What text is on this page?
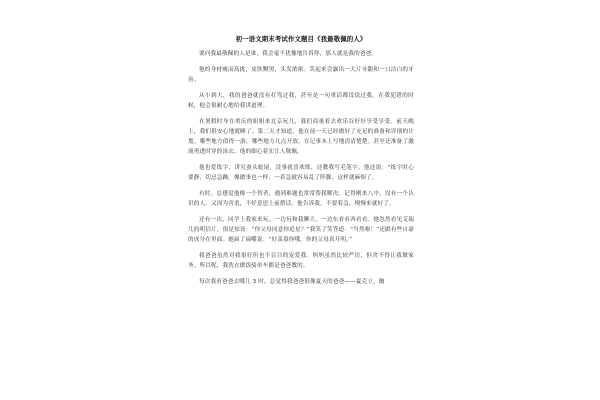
初一语文期末考试作文题目《我最敬佩的人》

要问我最敬佩的人是谁，我会毫不犹豫地告诉你，那人就是我的爸爸。

他的身材瘦而高挑，皮肤黝黑，头发浓密。笑起来会露出一大片牙龈和一口洁白的牙齿。

从小到大，我的爸爸就没有打骂过我，甚至是一句重话都没说过我。在我犯错的时候，他会很耐心地给我讲道理。

在暑假时身在重庆的姐姐来北京玩儿，我们商量着去欢乐谷好好享受享受。前天晚上，我们很安心地就睡了。第二天才知道，他在前一天已经做好了充足的准备和详细的计划。哪些地方值得一游，哪些地方几点开放，在记事本上写地清清楚楚。甚至还准备了激流勇进时穿的泳衣。他的细心着实让人敬佩。

他也爱练字，讲究蚕头蛇尾，没事就喜欢练，还教我写毛笔字。他还说：“练字时心要静，切忌急躁。像做事也一样，一着急就容易乱了阵脚，这样就麻烦了。

有时，总感觉他像一个智者，遇到难题也常常帮我解决。记得刚来八中，没有一个认识的人，又因为害羞，不好意思上前搭话。他告诉我，不要着急，慢慢来就好了。

还有一次，同学上我家来玩。一边玩和我聊天，一边东看看西看看。她忽然看见艾瑞儿的明信片，很是惊讶：“你父母同意你追星？”我笑了笑答道：“当然啦！”还跟有些自豪的成分在里面。她扁了扁嘴说：“好羡慕你哦，你的父母真开明。”

我爸爸虽然对我很好但也不盲目的宠爱我。妈妈虽然比较严厉，但舍不得让我做家务。所以呢，我洗衣做饭骑单车都是爸爸教的。

每次我看爸爸去哪儿 3 时，总觉得我爸爸很像夏天的爸爸——夏克立，幽
